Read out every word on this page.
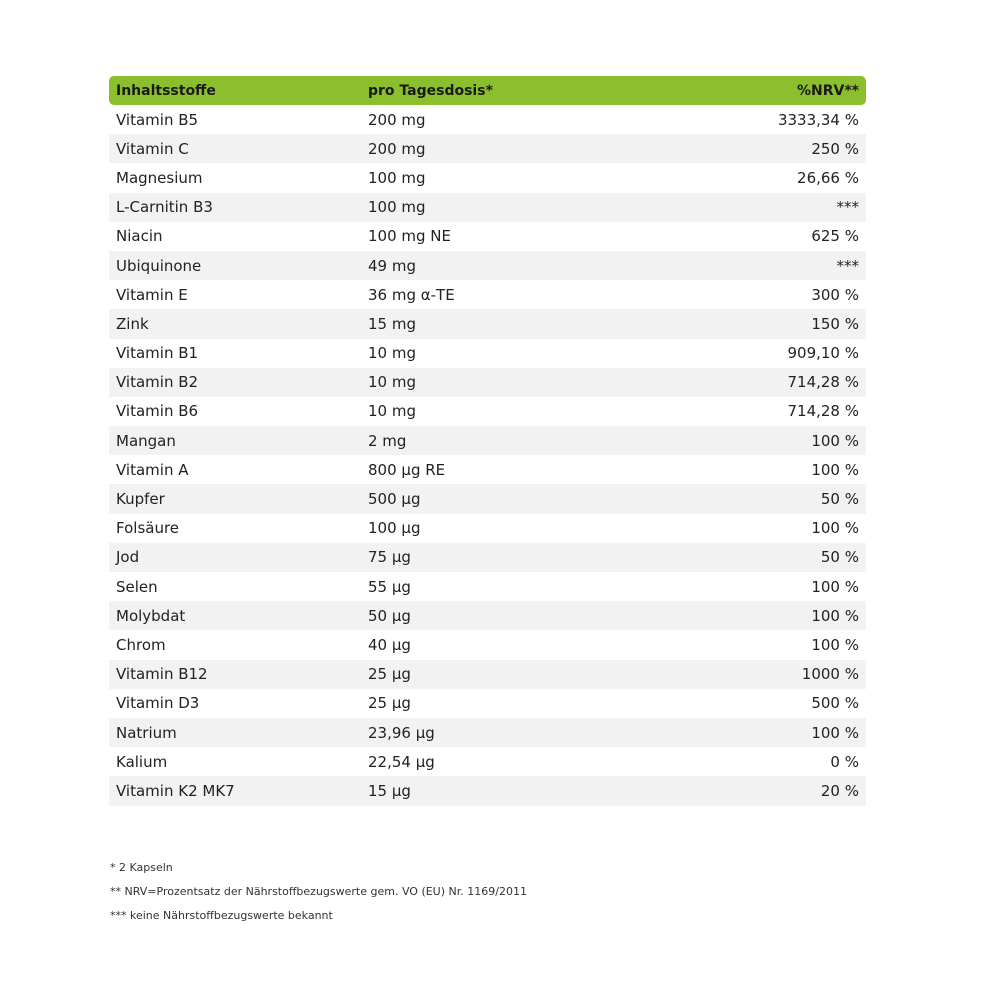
Inhaltsstoffe	pro Tagesdosis*	%NRV**
Vitamin B5	200 mg	3333,34 %
Vitamin C	200 mg	250 %
Magnesium	100 mg	26,66 %
L-Carnitin B3	100 mg	***
Niacin	100 mg NE	625 %
Ubiquinone	49 mg	***
Vitamin E	36 mg α-TE	300 %
Zink	15 mg	150 %
Vitamin B1	10 mg	909,10 %
Vitamin B2	10 mg	714,28 %
Vitamin B6	10 mg	714,28 %
Mangan	2 mg	100 %
Vitamin A	800 µg RE	100 %
Kupfer	500 µg	50 %
Folsäure	100 µg	100 %
Jod	75 µg	50 %
Selen	55 µg	100 %
Molybdat	50 µg	100 %
Chrom	40 µg	100 %
Vitamin B12	25 µg	1000 %
Vitamin D3	25 µg	500 %
Natrium	23,96 µg	100 %
Kalium	22,54 µg	0 %
Vitamin K2 MK7	15 µg	20 %
* 2 Kapseln
** NRV=Prozentsatz der Nährstoffbezugswerte gem. VO (EU) Nr. 1169/2011
*** keine Nährstoffbezugswerte bekannt
